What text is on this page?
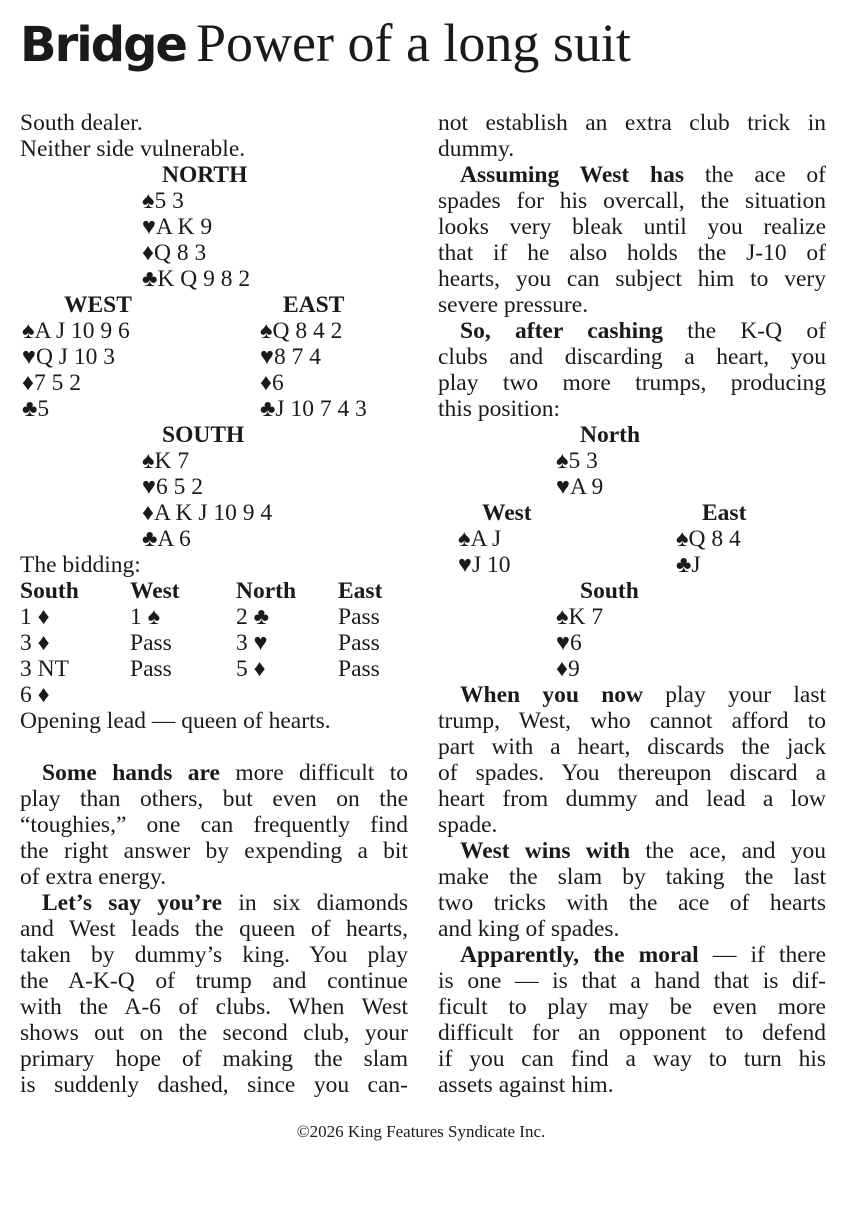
Bridge Power of a long suit
South dealer.
Neither side vulnerable.
NORTH
♠5 3
♥A K 9
♦Q 8 3
♣K Q 9 8 2
WEST	EAST
♠A J 10 9 6	♠Q 8 4 2
♥Q J 10 3	♥8 7 4
♦7 5 2	♦6
♣5	♣J 10 7 4 3
SOUTH
♠K 7
♥6 5 2
♦A K J 10 9 4
♣A 6
The bidding:
South West North East
1 ♦	1 ♠	2 ♣	Pass
3 ♦	Pass	3 ♥	Pass
3 NT	Pass	5 ♦	Pass
6 ♦
Opening lead — queen of hearts.
Some hands are more difficult to
play than others, but even on the
“toughies,” one can frequently find
the right answer by expending a bit
of extra energy.
Let’s say you’re in six diamonds
and West leads the queen of hearts,
taken by dummy’s king. You play
the A-K-Q of trump and continue
with the A-6 of clubs. When West
shows out on the second club, your
primary hope of making the slam
is suddenly dashed, since you can-
not establish an extra club trick in
dummy.
Assuming West has the ace of
spades for his overcall, the situation
looks very bleak until you realize
that if he also holds the J-10 of
hearts, you can subject him to very
severe pressure.
So, after cashing the K-Q of
clubs and discarding a heart, you
play two more trumps, producing
this position:
North
♠5 3
♥A 9
West	East
♠A J	♠Q 8 4
♥J 10	♣J
South
♠K 7
♥6
♦9
When you now play your last
trump, West, who cannot afford to
part with a heart, discards the jack
of spades. You thereupon discard a
heart from dummy and lead a low
spade.
West wins with the ace, and you
make the slam by taking the last
two tricks with the ace of hearts
and king of spades.
Apparently, the moral — if there
is one — is that a hand that is dif-
ficult to play may be even more
difficult for an opponent to defend
if you can find a way to turn his
assets against him.
©2026 King Features Syndicate Inc.
